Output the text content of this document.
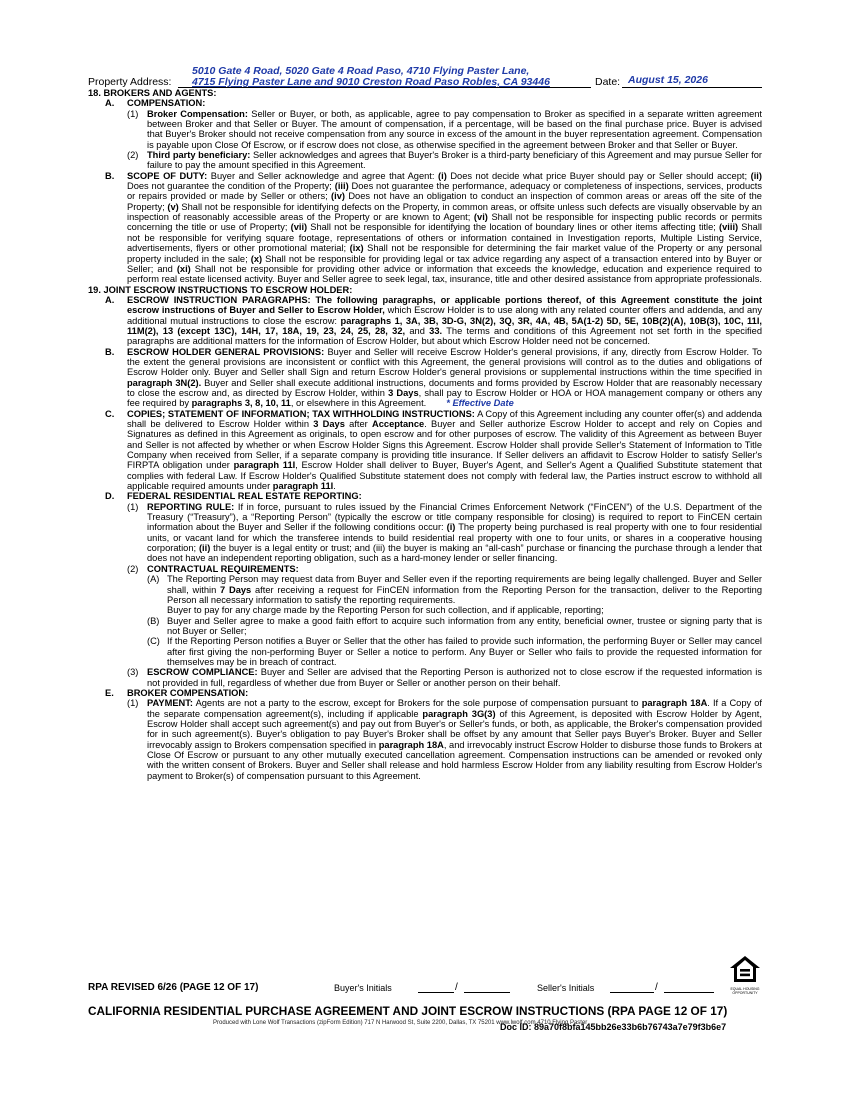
5010 Gate 4 Road, 5020 Gate 4 Road Paso, 4710 Flying Paster Lane,
Property Address: 4715 Flying Paster Lane and 9010 Creston Road Paso Robles, CA 93446	Date: August 15, 2026

18. BROKERS AND AGENTS:

A.	COMPENSATION:
(1) Broker Compensation: Seller or Buyer, or both, as applicable, agree to pay compensation to Broker as specified in a separate written agreement between Broker and that Seller or Buyer. The amount of compensation, if a percentage, will be based on the final purchase price. Buyer is advised that Buyer's Broker should not receive compensation from any source in excess of the amount in the buyer representation agreement. Compensation is payable upon Close Of Escrow, or if escrow does not close, as otherwise specified in the agreement between Broker and that Seller or Buyer.
(2) Third party beneficiary: Seller acknowledges and agrees that Buyer's Broker is a third-party beneficiary of this Agreement and may pursue Seller for failure to pay the amount specified in this Agreement.
B.	SCOPE OF DUTY: Buyer and Seller acknowledge and agree that Agent: (i) Does not decide what price Buyer should pay or Seller should accept; (ii) Does not guarantee the condition of the Property; (iii) Does not guarantee the performance, adequacy or completeness of inspections, services, products or repairs provided or made by Seller or others; (iv) Does not have an obligation to conduct an inspection of common areas or areas off the site of the Property; (v) Shall not be responsible for identifying defects on the Property, in common areas, or offsite unless such defects are visually observable by an inspection of reasonably accessible areas of the Property or are known to Agent; (vi) Shall not be responsible for inspecting public records or permits concerning the title or use of Property; (vii) Shall not be responsible for identifying the location of boundary lines or other items affecting title; (viii) Shall not be responsible for verifying square footage, representations of others or information contained in Investigation reports, Multiple Listing Service, advertisements, flyers or other promotional material; (ix) Shall not be responsible for determining the fair market value of the Property or any personal property included in the sale; (x) Shall not be responsible for providing legal or tax advice regarding any aspect of a transaction entered into by Buyer or Seller; and (xi) Shall not be responsible for providing other advice or information that exceeds the knowledge, education and experience required to perform real estate licensed activity. Buyer and Seller agree to seek legal, tax, insurance, title and other desired assistance from appropriate professionals.

19. JOINT ESCROW INSTRUCTIONS TO ESCROW HOLDER:

A.	ESCROW INSTRUCTION PARAGRAPHS: The following paragraphs, or applicable portions thereof, of this Agreement constitute the joint escrow instructions of Buyer and Seller to Escrow Holder, which Escrow Holder is to use along with any related counter offers and addenda, and any additional mutual instructions to close the escrow: paragraphs 1, 3A, 3B, 3D-G, 3N(2), 3Q, 3R, 4A, 4B, 5A(1-2) 5D, 5E, 10B(2)(A), 10B(3), 10C, 11I, 11M(2), 13 (except 13C), 14H, 17, 18A, 19, 23, 24, 25, 28, 32, and 33. The terms and conditions of this Agreement not set forth in the specified paragraphs are additional matters for the information of Escrow Holder, but about which Escrow Holder need not be concerned.
B.	ESCROW HOLDER GENERAL PROVISIONS: Buyer and Seller will receive Escrow Holder's general provisions, if any, directly from Escrow Holder. To the extent the general provisions are inconsistent or conflict with this Agreement, the general provisions will control as to the duties and obligations of Escrow Holder only. Buyer and Seller shall Sign and return Escrow Holder's general provisions or supplemental instructions within the time specified in paragraph 3N(2). Buyer and Seller shall execute additional instructions, documents and forms provided by Escrow Holder that are reasonably necessary to close the escrow and, as directed by Escrow Holder, within 3 Days, shall pay to Escrow Holder or HOA or HOA management company or others any fee required by paragraphs 3, 8, 10, 11, or elsewhere in this Agreement. * Effective Date
C.	COPIES; STATEMENT OF INFORMATION; TAX WITHHOLDING INSTRUCTIONS: A Copy of this Agreement including any counter offer(s) and addenda shall be delivered to Escrow Holder within 3 Days after Acceptance. Buyer and Seller authorize Escrow Holder to accept and rely on Copies and Signatures as defined in this Agreement as originals, to open escrow and for other purposes of escrow. The validity of this Agreement as between Buyer and Seller is not affected by whether or when Escrow Holder Signs this Agreement. Escrow Holder shall provide Seller's Statement of Information to Title Company when received from Seller, if a separate company is providing title insurance. If Seller delivers an affidavit to Escrow Holder to satisfy Seller's FIRPTA obligation under paragraph 11I, Escrow Holder shall deliver to Buyer, Buyer's Agent, and Seller's Agent a Qualified Substitute statement that complies with federal Law. If Escrow Holder's Qualified Substitute statement does not comply with federal law, the Parties instruct escrow to withhold all applicable required amounts under paragraph 11I.
D.	FEDERAL RESIDENTIAL REAL ESTATE REPORTING:
(1) REPORTING RULE: If in force, pursuant to rules issued by the Financial Crimes Enforcement Network (“FinCEN”) of the U.S. Department of the Treasury (“Treasury”), a “Reporting Person” (typically the escrow or title company responsible for closing) is required to report to FinCEN certain information about the Buyer and Seller if the following conditions occur: (i) The property being purchased is real property with one to four residential units, or vacant land for which the transferee intends to build residential real property with one to four units, or shares in a cooperative housing corporation; (ii) the buyer is a legal entity or trust; and (iii) the buyer is making an “all-cash” purchase or financing the purchase through a lender that does not have an independent reporting obligation, such as a hard-money lender or seller financing.
(2) CONTRACTUAL REQUIREMENTS:
(A) The Reporting Person may request data from Buyer and Seller even if the reporting requirements are being legally challenged. Buyer and Seller shall, within 7 Days after receiving a request for FinCEN information from the Reporting Person for the transaction, deliver to the Reporting Person all necessary information to satisfy the reporting requirements.
Buyer to pay for any charge made by the Reporting Person for such collection, and if applicable, reporting;
(B) Buyer and Seller agree to make a good faith effort to acquire such information from any entity, beneficial owner, trustee or signing party that is not Buyer or Seller;
(C) If the Reporting Person notifies a Buyer or Seller that the other has failed to provide such information, the performing Buyer or Seller may cancel after first giving the non-performing Buyer or Seller a notice to perform. Any Buyer or Seller who fails to provide the requested information for themselves may be in breach of contract.
(3) ESCROW COMPLIANCE: Buyer and Seller are advised that the Reporting Person is authorized not to close escrow if the requested information is not provided in full, regardless of whether due from Buyer or Seller or another person on their behalf.
E.	BROKER COMPENSATION:
(1) PAYMENT: Agents are not a party to the escrow, except for Brokers for the sole purpose of compensation pursuant to paragraph 18A. If a Copy of the separate compensation agreement(s), including if applicable paragraph 3G(3) of this Agreement, is deposited with Escrow Holder by Agent, Escrow Holder shall accept such agreement(s) and pay out from Buyer's or Seller's funds, or both, as applicable, the Broker's compensation provided for in such agreement(s). Buyer's obligation to pay Buyer's Broker shall be offset by any amount that Seller pays Buyer's Broker. Buyer and Seller irrevocably assign to Brokers compensation specified in paragraph 18A, and irrevocably instruct Escrow Holder to disburse those funds to Brokers at Close Of Escrow or pursuant to any other mutually executed cancellation agreement. Compensation instructions can be amended or revoked only with the written consent of Brokers. Buyer and Seller shall release and hold harmless Escrow Holder from any liability resulting from Escrow Holder's payment to Broker(s) of compensation pursuant to this Agreement.
RPA REVISED 6/26 (PAGE 12 OF 17)	Buyer's Initials	/	Seller's Initials	/	EQUAL HOUSING OPPORTUNITY
CALIFORNIA RESIDENTIAL PURCHASE AGREEMENT AND JOINT ESCROW INSTRUCTIONS (RPA PAGE 12 OF 17)
Produced with Lone Wolf Transactions (zipForm Edition) 717 N Harwood St, Suite 2200, Dallas, TX 75201 www.lwolf.com 4710 Flying Paster
Doc ID: 89a70f8bfa145bb26e33b6b76743a7e79f3b6e7
